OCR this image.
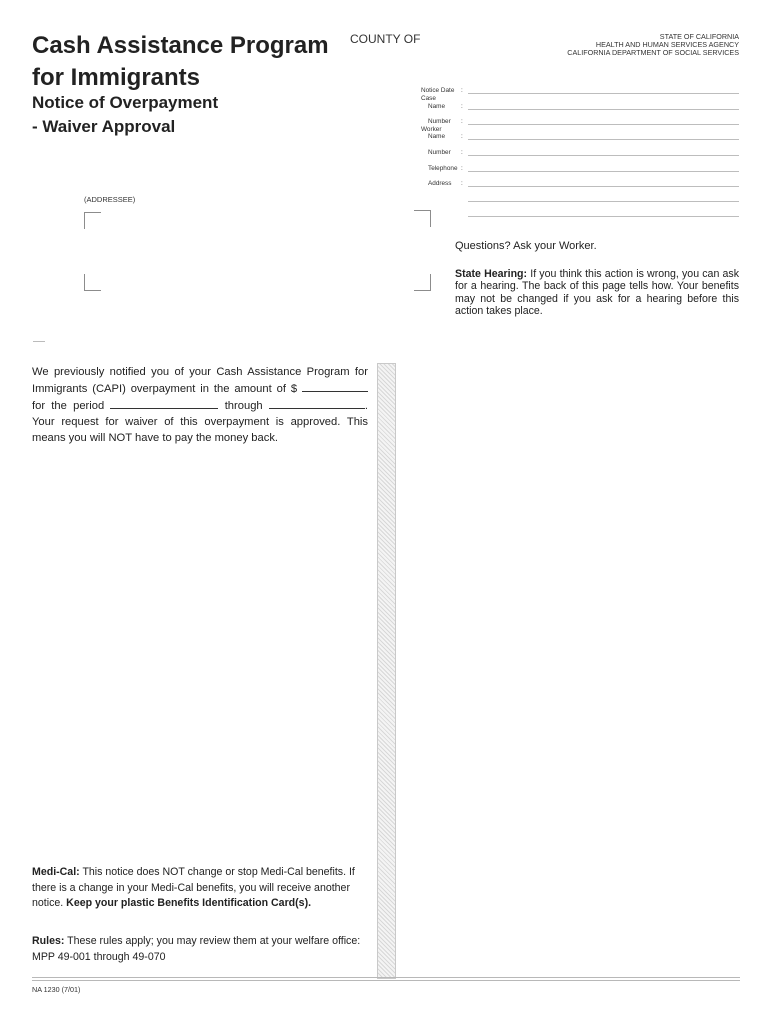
Cash Assistance Program
for Immigrants
Notice of Overpayment
- Waiver Approval
COUNTY OF	STATE OF CALIFORNIA
HEALTH AND HUMAN SERVICES AGENCY
CALIFORNIA DEPARTMENT OF SOCIAL SERVICES
Notice Date :
Case
Name :
Number :
Worker
Name :
Number :
Telephone :
Address :
(ADDRESSEE)
Questions? Ask your Worker.
State Hearing: If you think this action is wrong, you can ask for a hearing. The back of this page tells how. Your benefits may not be changed if you ask for a hearing before this action takes place.
We previously notified you of your Cash Assistance Program for Immigrants (CAPI) overpayment in the amount of $  for the period	through	. Your request for waiver of this overpayment is approved. This means you will NOT have to pay the money back.
Medi-Cal: This notice does NOT change or stop Medi-Cal benefits. If there is a change in your Medi-Cal benefits, you will receive another notice. Keep your plastic Benefits Identification Card(s).
Rules: These rules apply; you may review them at your welfare office: MPP 49-001 through 49-070
NA 1230 (7/01)
